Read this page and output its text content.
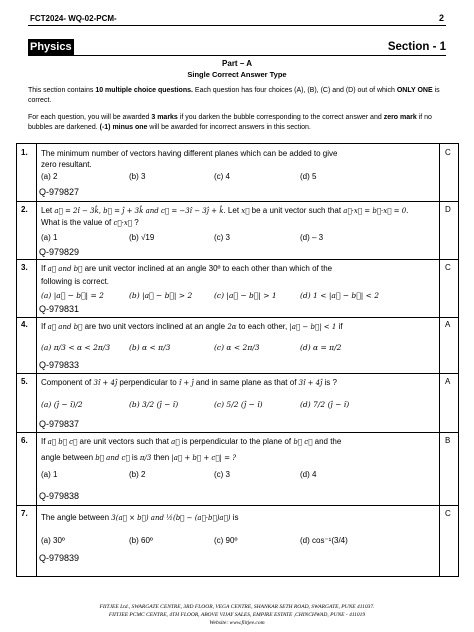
FCT2024- WQ-02-PCM-	2
Physics	Section - 1
Part – A
Single Correct Answer Type
This section contains 10 multiple choice questions. Each question has four choices (A), (B), (C) and (D) out of which ONLY ONE is correct.
For each question, you will be awarded 3 marks if you darken the bubble corresponding to the correct answer and zero mark if no bubbles are darkened. (-1) minus one will be awarded for incorrect answers in this section.
1.	C
The minimum number of vectors having different planes which can be added to give
zero resultant.
(a) 2	(b) 3	(c) 4	(d) 5
Q-979827
2.	D
Let a⃗ = 2î − 3k̂, b⃗ = ĵ + 3k̂ and c⃗ = −3î − 3ĵ + k̂. Let x⃗ be a unit vector such that a⃗·x⃗ = b⃗·x⃗ = 0.
What is the value of c⃗·x⃗ ?
(a) 1	(b) √19	(c) 3	(d) – 3
Q-979829
3.	C
If a⃗ and b⃗ are unit vector inclined at an angle 30º to each other than which of the
following is correct.
(a) |a⃗ − b⃗| = 2	(b) |a⃗ − b⃗| > 2	(c) |a⃗ − b⃗| > 1	(d) 1 < |a⃗ − b⃗| < 2
Q-979831
4.	A
If a⃗ and b⃗ are two unit vectors inclined at an angle 2α to each other, |a⃗ − b⃗| < 1 if
(a) π/3 < α < 2π/3	(b) α < π/3	(c) α < 2π/3	(d) α = π/2
Q-979833
5.	A
Component of 3î + 4ĵ perpendicular to î + ĵ and in same plane as that of 3î + 4ĵ is ?
(a) (ĵ − î)/2	(b) 3/2 (ĵ − î)	(c) 5/2 (ĵ − î)	(d) 7/2 (ĵ − î)
Q-979837
6.	B
If a⃗ b⃗ c⃗ are unit vectors such that a⃗ is perpendicular to the plane of b⃗ c⃗ and the
angle between b⃗ and c⃗ is π/3 then |a⃗ + b⃗ + c⃗| = ?
(a) 1	(b) 2	(c) 3	(d) 4
Q-979838
7.	C
The angle between 3(a⃗ × b⃗) and ½(b⃗ − (a⃗·b⃗)a⃗) is
(a) 30º	(b) 60º	(c) 90º	(d) cos⁻¹(3/4)
Q-979839
FIITJEE Ltd., SWARGATE CENTRE, 3RD FLOOR, VEGA CENTRE, SHANKAR SETH ROAD, SWARGATE, PUNE 411037.
FIITJEE PCMC CENTRE, 4TH FLOOR, ABOVE VIJAY SALES, EMPIRE ESTATE ,CHINCHWAD, PUNE - 411019
Website: www.fiitjee.com
